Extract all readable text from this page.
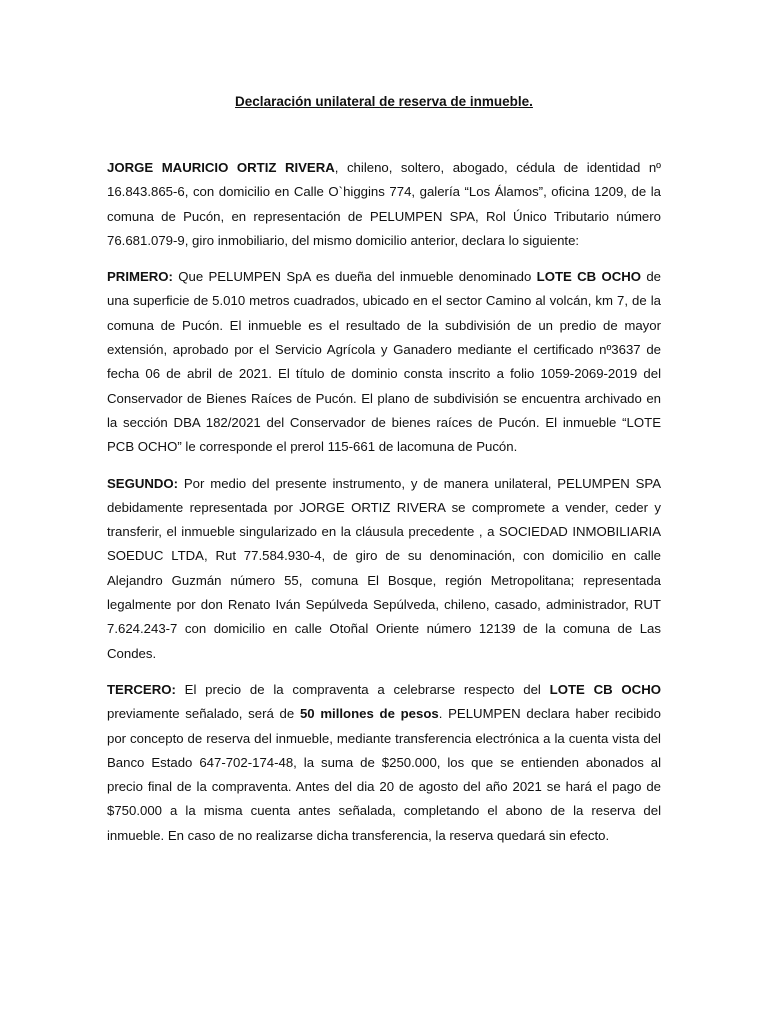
Declaración unilateral de reserva de inmueble.

JORGE MAURICIO ORTIZ RIVERA, chileno, soltero, abogado, cédula de identidad nº 16.843.865-6, con domicilio en Calle O`higgins 774, galería “Los Álamos”, oficina 1209, de la comuna de Pucón, en representación de PELUMPEN SPA, Rol Único Tributario número 76.681.079-9, giro inmobiliario, del mismo domicilio anterior, declara lo siguiente:

PRIMERO: Que PELUMPEN SpA es dueña del inmueble denominado LOTE CB OCHO de una superficie de 5.010 metros cuadrados, ubicado en el sector Camino al volcán, km 7, de la comuna de Pucón. El inmueble es el resultado de la subdivisión de un predio de mayor extensión, aprobado por el Servicio Agrícola y Ganadero mediante el certificado nº3637 de fecha 06 de abril de 2021. El título de dominio consta inscrito a folio 1059-2069-2019 del Conservador de Bienes Raíces de Pucón. El plano de subdivisión se encuentra archivado en la sección DBA 182/2021 del Conservador de bienes raíces de Pucón. El inmueble “LOTE PCB OCHO” le corresponde el prerol 115-661 de lacomuna de Pucón.

SEGUNDO: Por medio del presente instrumento, y de manera unilateral, PELUMPEN SPA debidamente representada por JORGE ORTIZ RIVERA se compromete a vender, ceder y transferir, el inmueble singularizado en la cláusula precedente , a SOCIEDAD INMOBILIARIA SOEDUC LTDA, Rut 77.584.930-4, de giro de su denominación, con domicilio en calle Alejandro Guzmán número 55, comuna El Bosque, región Metropolitana; representada legalmente por don Renato Iván Sepúlveda Sepúlveda, chileno, casado, administrador, RUT 7.624.243-7 con domicilio en calle Otoñal Oriente número 12139 de la comuna de Las Condes.

TERCERO: El precio de la compraventa a celebrarse respecto del LOTE CB OCHO previamente señalado, será de 50 millones de pesos. PELUMPEN declara haber recibido por concepto de reserva del inmueble, mediante transferencia electrónica a la cuenta vista del Banco Estado 647-702-174-48, la suma de $250.000, los que se entienden abonados al precio final de la compraventa. Antes del dia 20 de agosto del año 2021 se hará el pago de $750.000 a la misma cuenta antes señalada, completando el abono de la reserva del inmueble. En caso de no realizarse dicha transferencia, la reserva quedará sin efecto.
